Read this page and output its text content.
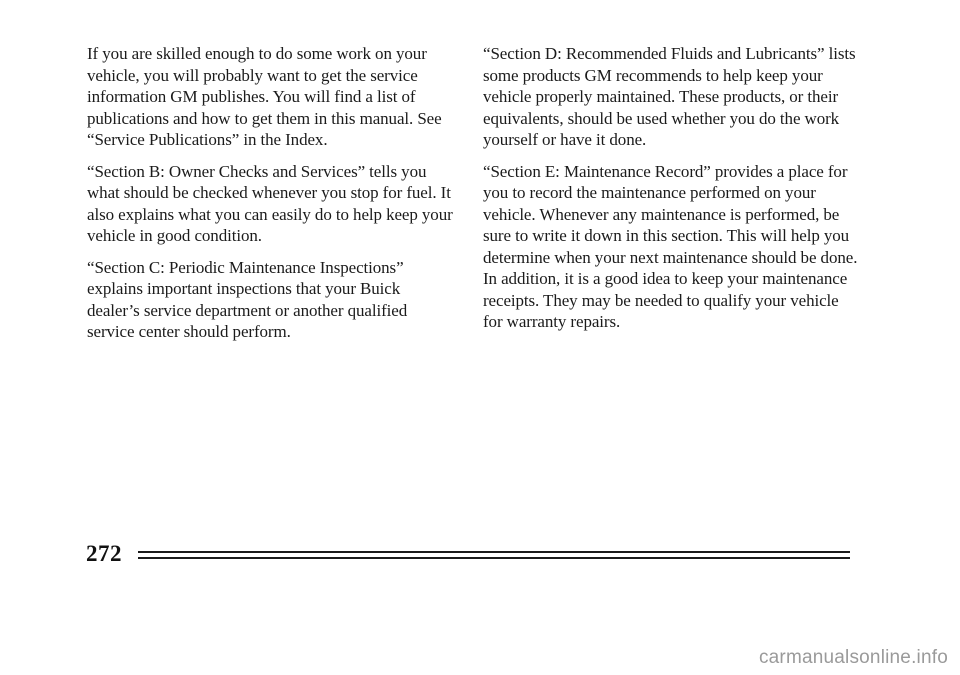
If you are skilled enough to do some work on your vehicle, you will probably want to get the service information GM publishes. You will find a list of publications and how to get them in this manual. See “Service Publications” in the Index.

“Section B: Owner Checks and Services” tells you what should be checked whenever you stop for fuel. It also explains what you can easily do to help keep your vehicle in good condition.

“Section C: Periodic Maintenance Inspections” explains important inspections that your Buick dealer’s service department or another qualified service center should perform.

“Section D: Recommended Fluids and Lubricants” lists some products GM recommends to help keep your vehicle properly maintained. These products, or their equivalents, should be used whether you do the work yourself or have it done.

“Section E: Maintenance Record” provides a place for you to record the maintenance performed on your vehicle. Whenever any maintenance is performed, be sure to write it down in this section. This will help you determine when your next maintenance should be done. In addition, it is a good idea to keep your maintenance receipts. They may be needed to qualify your vehicle for warranty repairs.

272
carmanualsonline.info
